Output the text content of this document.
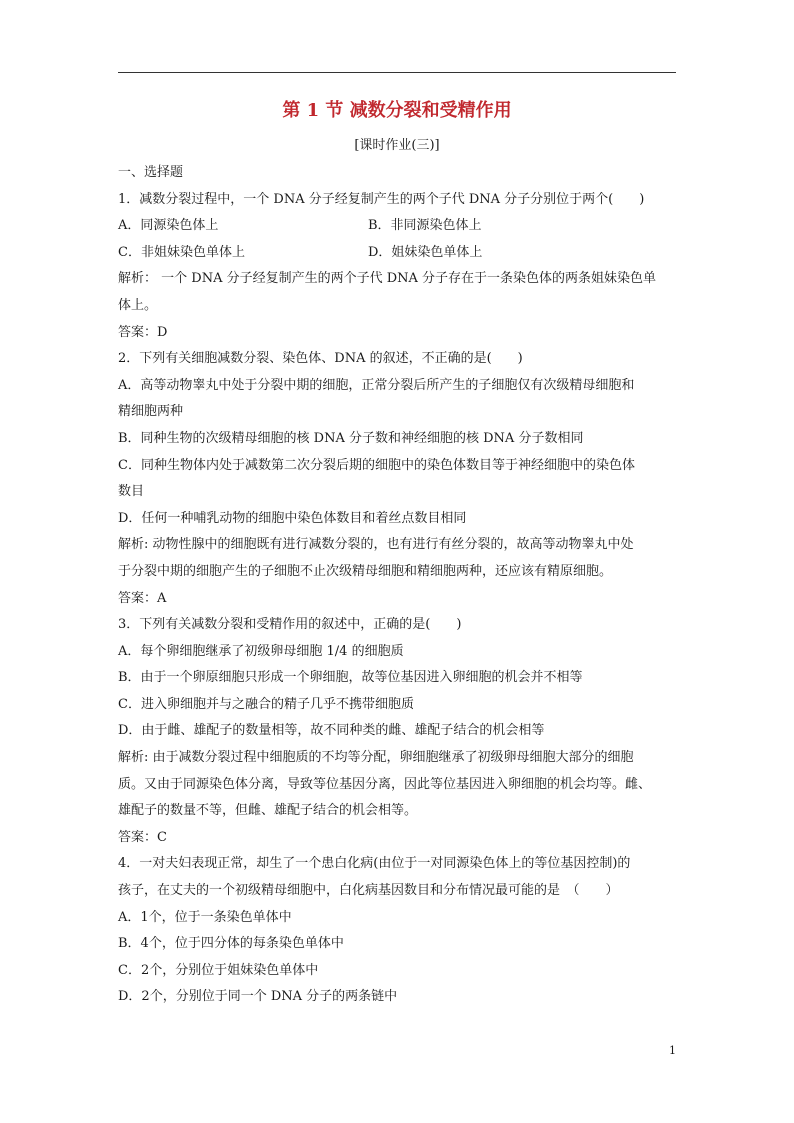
第 1 节 减数分裂和受精作用
[课时作业(三)]
一、选择题
1．减数分裂过程中，一个 DNA 分子经复制产生的两个子代 DNA 分子分别位于两个(　　)
A．同源染色体上	B．非同源染色体上
C．非姐妹染色单体上	D．姐妹染色单体上
解析： 一个 DNA 分子经复制产生的两个子代 DNA 分子存在于一条染色体的两条姐妹染色单
体上。
答案：D
2．下列有关细胞减数分裂、染色体、DNA 的叙述，不正确的是(　　)
A．高等动物睾丸中处于分裂中期的细胞，正常分裂后所产生的子细胞仅有次级精母细胞和
精细胞两种
B．同种生物的次级精母细胞的核 DNA 分子数和神经细胞的核 DNA 分子数相同
C．同种生物体内处于减数第二次分裂后期的细胞中的染色体数目等于神经细胞中的染色体
数目
D．任何一种哺乳动物的细胞中染色体数目和着丝点数目相同
解析: 动物性腺中的细胞既有进行减数分裂的，也有进行有丝分裂的，故高等动物睾丸中处
于分裂中期的细胞产生的子细胞不止次级精母细胞和精细胞两种，还应该有精原细胞。
答案：A
3．下列有关减数分裂和受精作用的叙述中，正确的是(　　)
A．每个卵细胞继承了初级卵母细胞 1/4 的细胞质
B．由于一个卵原细胞只形成一个卵细胞，故等位基因进入卵细胞的机会并不相等
C．进入卵细胞并与之融合的精子几乎不携带细胞质
D．由于雌、雄配子的数量相等，故不同种类的雌、雄配子结合的机会相等
解析: 由于减数分裂过程中细胞质的不均等分配，卵细胞继承了初级卵母细胞大部分的细胞
质。又由于同源染色体分离，导致等位基因分离，因此等位基因进入卵细胞的机会均等。雌、
雄配子的数量不等，但雌、雄配子结合的机会相等。
答案：C
4．一对夫妇表现正常，却生了一个患白化病(由位于一对同源染色体上的等位基因控制)的
孩子，在丈夫的一个初级精母细胞中，白化病基因数目和分布情况最可能的是　（　　）
A．1个，位于一条染色单体中
B．4个，位于四分体的每条染色单体中
C．2个，分别位于姐妹染色单体中
D．2个，分别位于同一个 DNA 分子的两条链中
1
